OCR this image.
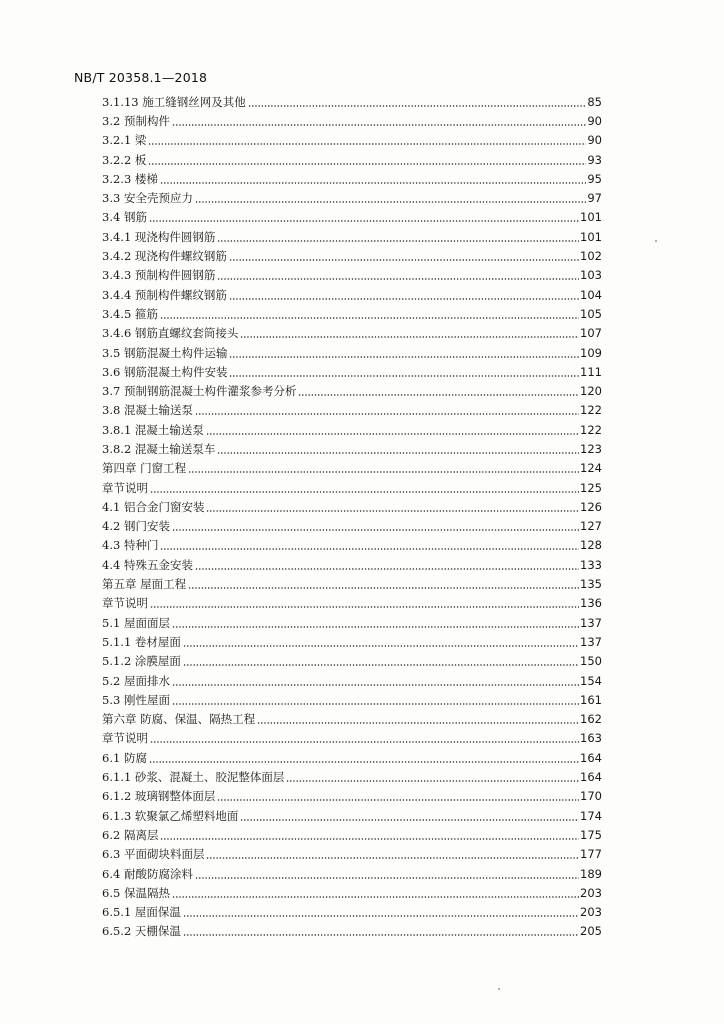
NB/T 20358.1—2018
3.1.13 施工缝钢丝网及其他	85
3.2 预制构件	90
3.2.1 梁	90
3.2.2 板	93
3.2.3 楼梯	95
3.3 安全壳预应力	97
3.4 钢筋	101
3.4.1 现浇构件圆钢筋	101
3.4.2 现浇构件螺纹钢筋	102
3.4.3 预制构件圆钢筋	103
3.4.4 预制构件螺纹钢筋	104
3.4.5 箍筋	105
3.4.6 钢筋直螺纹套筒接头	107
3.5 钢筋混凝土构件运输	109
3.6 钢筋混凝土构件安装	111
3.7 预制钢筋混凝土构件灌浆参考分析	120
3.8 混凝土输送泵	122
3.8.1 混凝土输送泵	122
3.8.2 混凝土输送泵车	123
第四章 门窗工程	124
章节说明	125
4.1 铝合金门窗安装	126
4.2 钢门安装	127
4.3 特种门	128
4.4 特殊五金安装	133
第五章 屋面工程	135
章节说明	136
5.1 屋面面层	137
5.1.1 卷材屋面	137
5.1.2 涂膜屋面	150
5.2 屋面排水	154
5.3 刚性屋面	161
第六章 防腐、保温、隔热工程	162
章节说明	163
6.1 防腐	164
6.1.1 砂浆、混凝土、胶泥整体面层	164
6.1.2 玻璃钢整体面层	170
6.1.3 软聚氯乙烯塑料地面	174
6.2 隔离层	175
6.3 平面砌块料面层	177
6.4 耐酸防腐涂料	189
6.5 保温隔热	203
6.5.1 屋面保温	203
6.5.2 天棚保温	205
